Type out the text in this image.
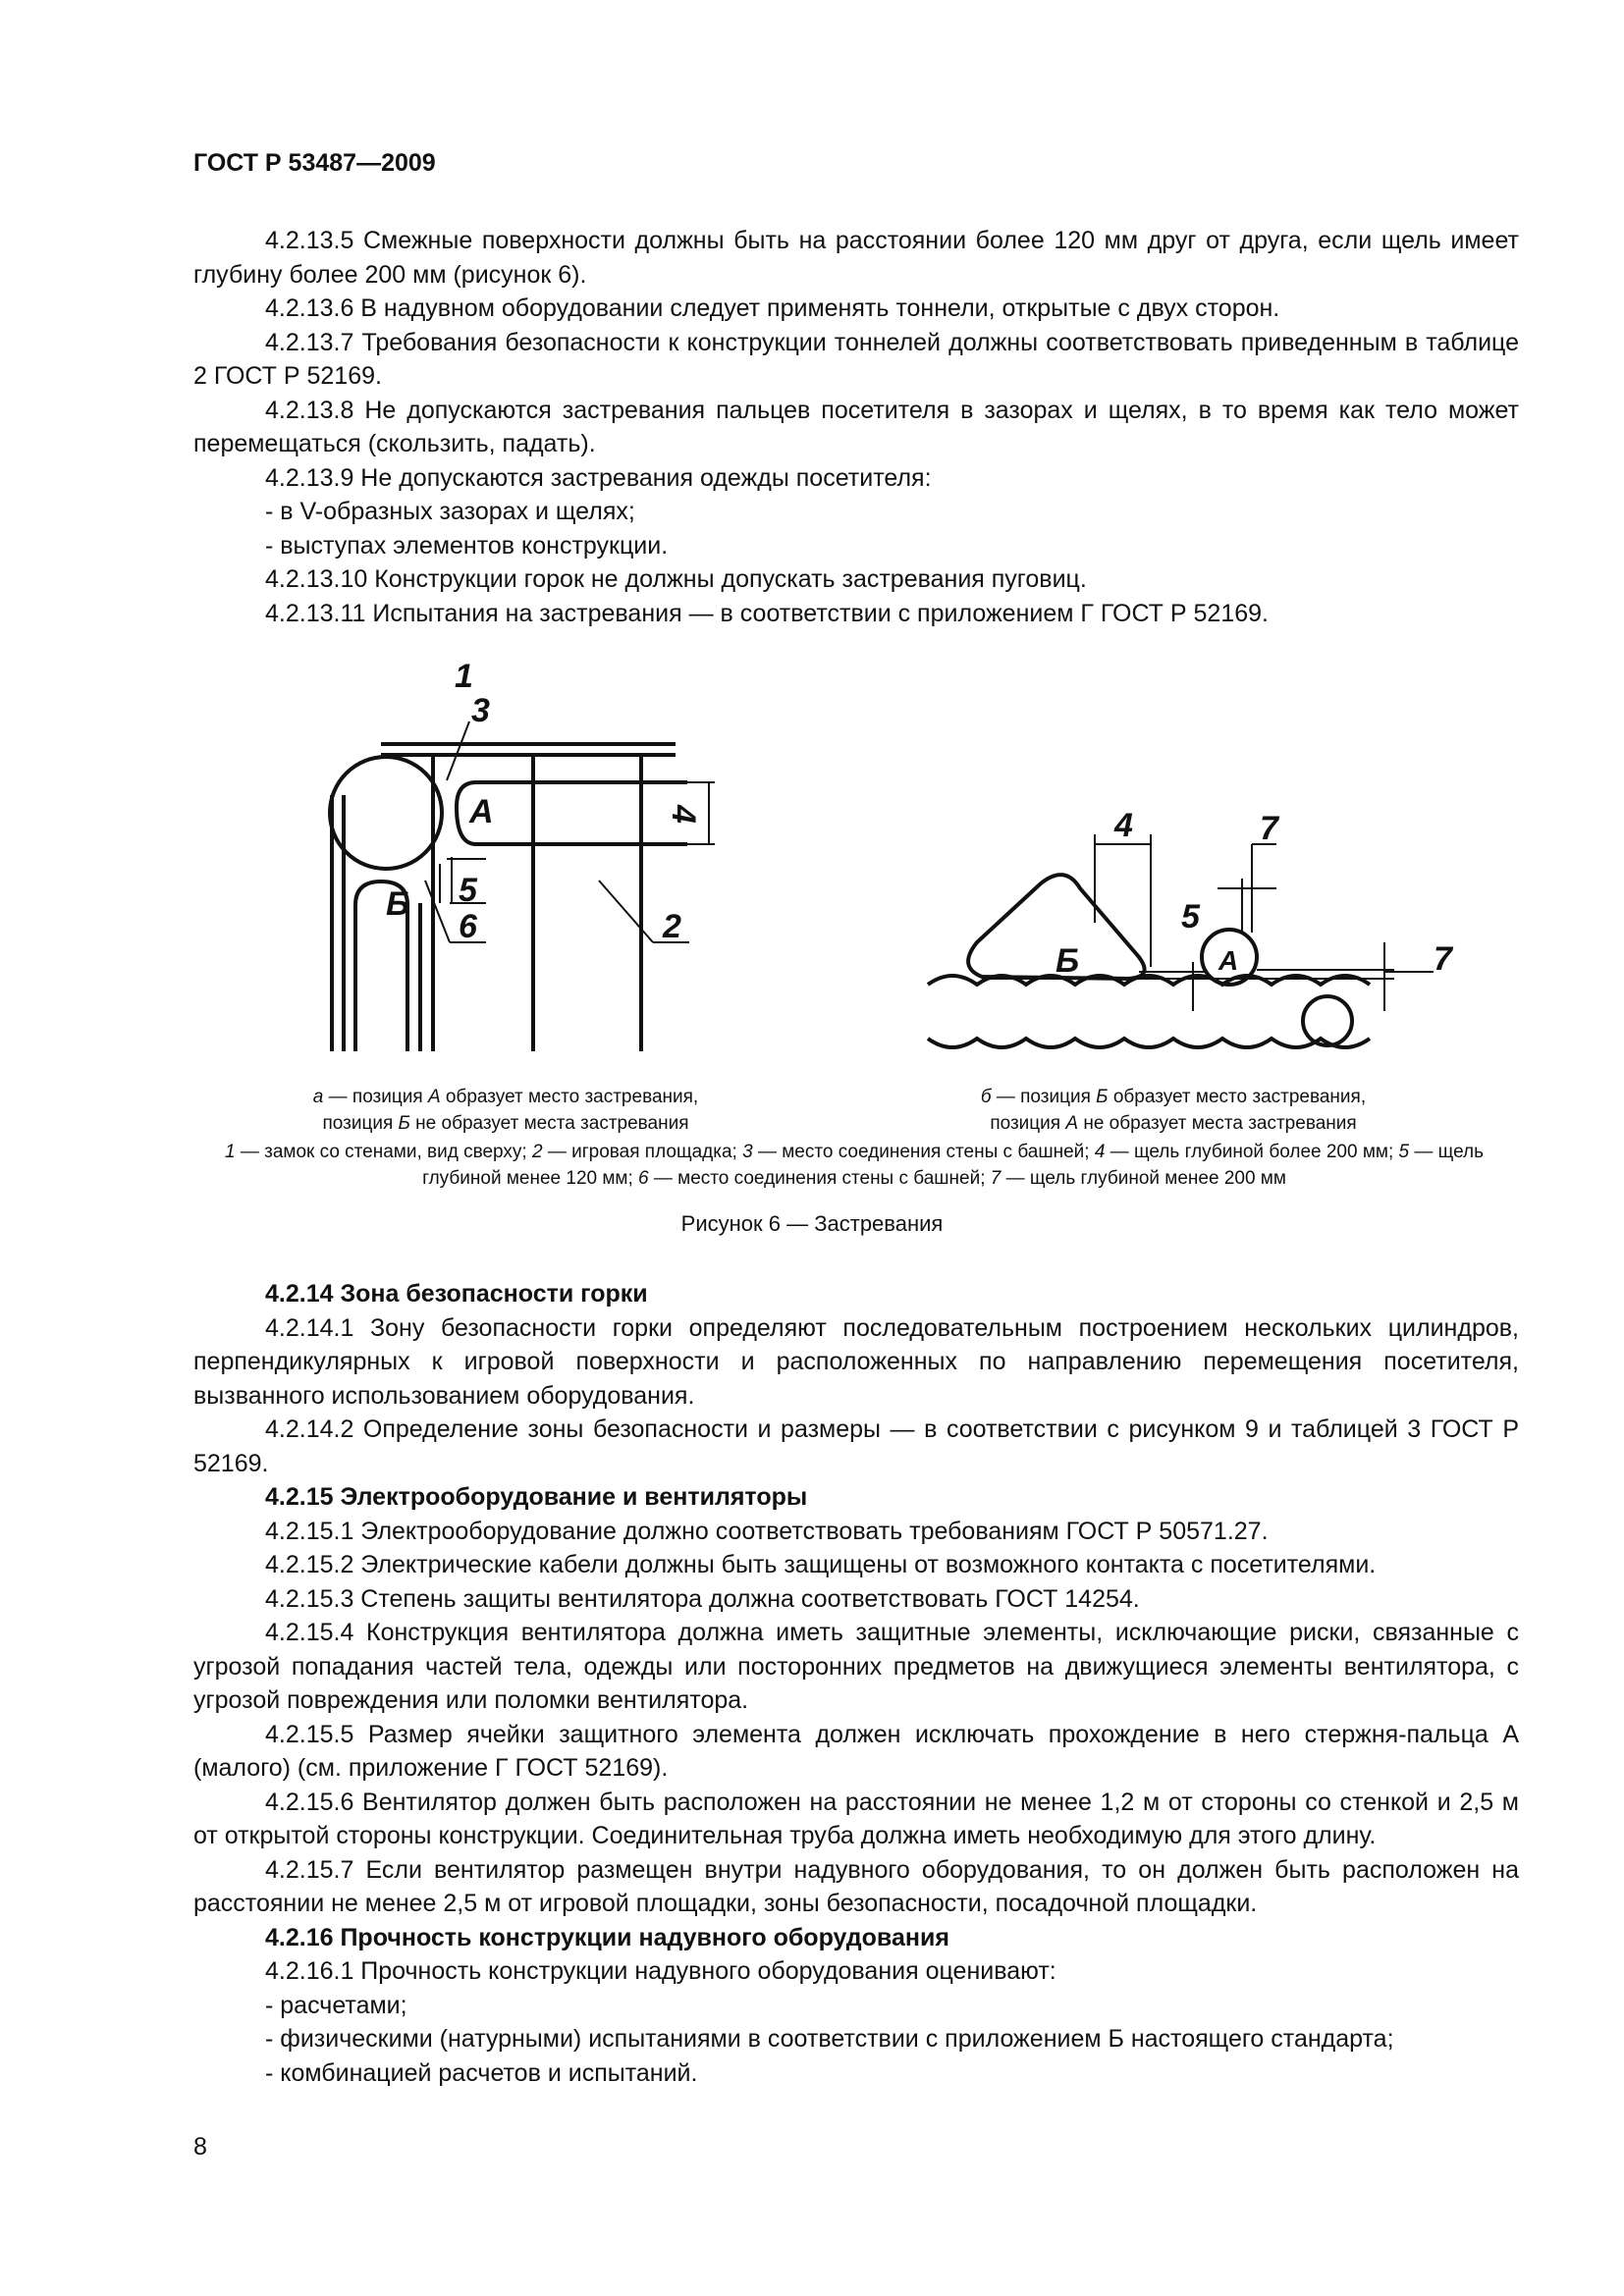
ГОСТ Р 53487—2009

4.2.13.5 Смежные поверхности должны быть на расстоянии более 120 мм друг от друга, если щель имеет глубину более 200 мм (рисунок 6).

4.2.13.6 В надувном оборудовании следует применять тоннели, открытые с двух сторон.

4.2.13.7 Требования безопасности к конструкции тоннелей должны соответствовать приведенным в таблице 2 ГОСТ Р 52169.

4.2.13.8 Не допускаются застревания пальцев посетителя в зазорах и щелях, в то время как тело может перемещаться (скользить, падать).

4.2.13.9 Не допускаются застревания одежды посетителя:

- в V-образных зазорах и щелях;

- выступах элементов конструкции.

4.2.13.10 Конструкции горок не должны допускать застревания пуговиц.

4.2.13.11 Испытания на застревания — в соответствии с приложением Г ГОСТ Р 52169.

1
3
А	4
5
Б
6	2
4	7
5
Б	А	7
а — позиция А образует место застревания,
позиция Б не образует места застревания
б — позиция Б образует место застревания,
позиция А не образует места застревания
1 — замок со стенами, вид сверху; 2 — игровая площадка; 3 — место соединения стены с башней; 4 — щель глубиной более 200 мм; 5 — щель глубиной менее 120 мм; 6 — место соединения стены с башней; 7 — щель глубиной менее 200 мм
Рисунок 6 — Застревания

4.2.14 Зона безопасности горки

4.2.14.1 Зону безопасности горки определяют последовательным построением нескольких цилиндров, перпендикулярных к игровой поверхности и расположенных по направлению перемещения посетителя, вызванного использованием оборудования.

4.2.14.2 Определение зоны безопасности и размеры — в соответствии с рисунком 9 и таблицей 3 ГОСТ Р 52169.

4.2.15 Электрооборудование и вентиляторы

4.2.15.1 Электрооборудование должно соответствовать требованиям ГОСТ Р 50571.27.

4.2.15.2 Электрические кабели должны быть защищены от возможного контакта с посетителями.

4.2.15.3 Степень защиты вентилятора должна соответствовать ГОСТ 14254.

4.2.15.4 Конструкция вентилятора должна иметь защитные элементы, исключающие риски, связанные с угрозой попадания частей тела, одежды или посторонних предметов на движущиеся элементы вентилятора, с угрозой повреждения или поломки вентилятора.

4.2.15.5 Размер ячейки защитного элемента должен исключать прохождение в него стержня-пальца А (малого) (см. приложение Г ГОСТ 52169).

4.2.15.6 Вентилятор должен быть расположен на расстоянии не менее 1,2 м от стороны со стенкой и 2,5 м от открытой стороны конструкции. Соединительная труба должна иметь необходимую для этого длину.

4.2.15.7 Если вентилятор размещен внутри надувного оборудования, то он должен быть расположен на расстоянии не менее 2,5 м от игровой площадки, зоны безопасности, посадочной площадки.

4.2.16 Прочность конструкции надувного оборудования

4.2.16.1 Прочность конструкции надувного оборудования оценивают:

- расчетами;

- физическими (натурными) испытаниями в соответствии с приложением Б настоящего стандарта;

- комбинацией расчетов и испытаний.

8
